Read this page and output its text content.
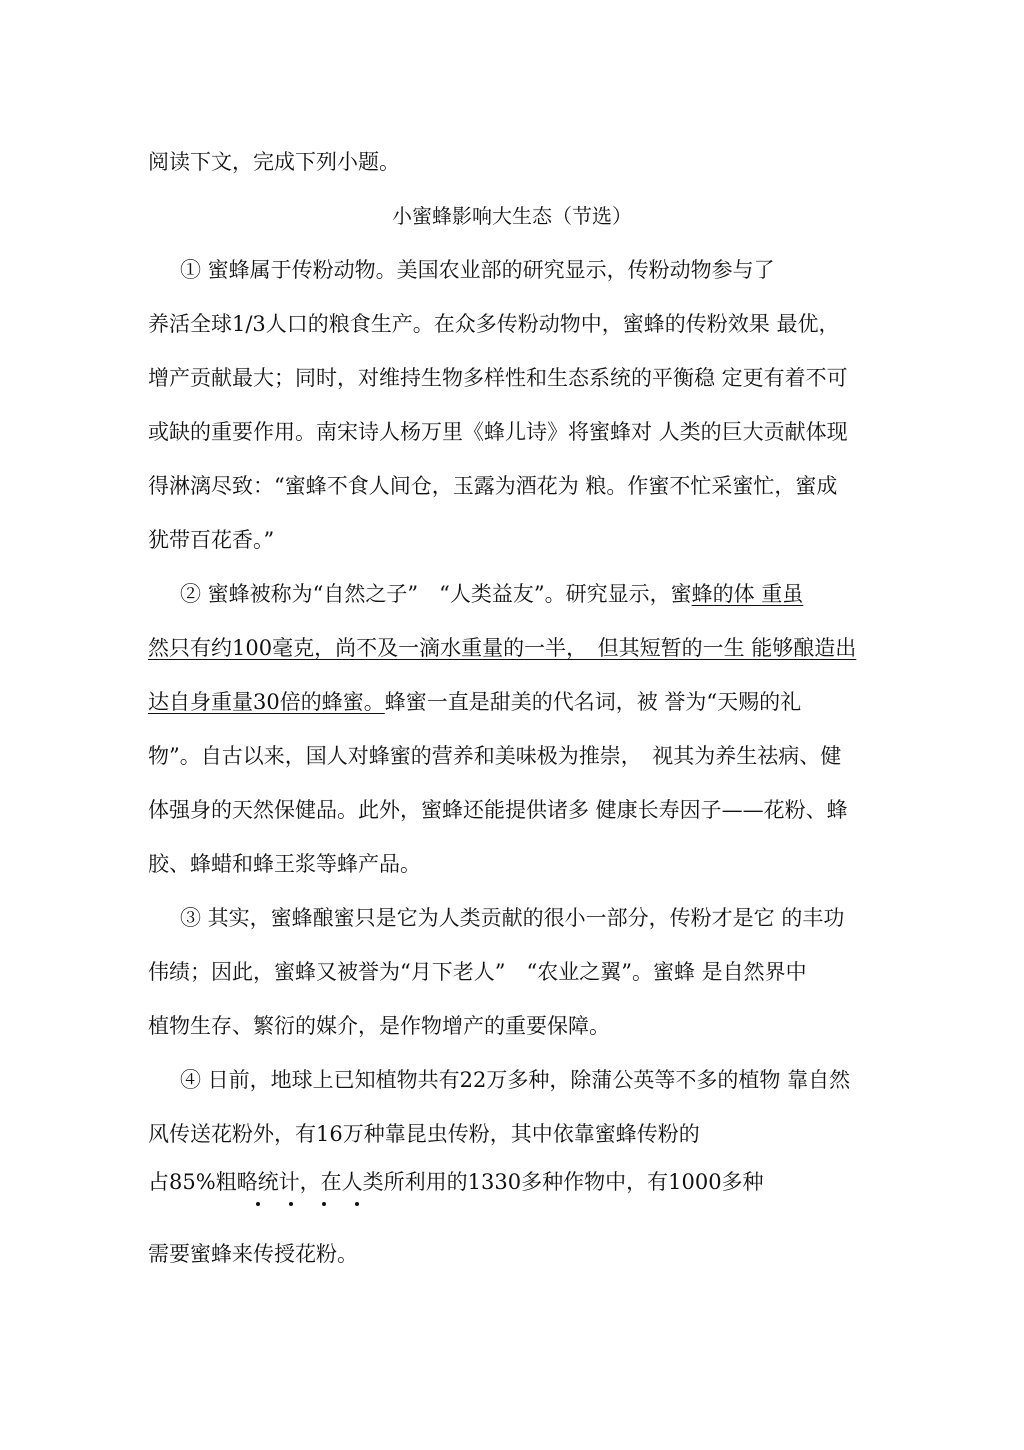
阅读下文，完成下列小题。
小蜜蜂影响大生态（节选）
① 蜜蜂属于传粉动物。美国农业部的研究显示，传粉动物参与了
养活全球1/3人口的粮食生产。在众多传粉动物中，蜜蜂的传粉效果 最优，
增产贡献最大；同时，对维持生物多样性和生态系统的平衡稳 定更有着不可
或缺的重要作用。南宋诗人杨万里《蜂儿诗》将蜜蜂对 人类的巨大贡献体现
得淋漓尽致：“蜜蜂不食人间仓，玉露为酒花为 粮。作蜜不忙采蜜忙，蜜成
犹带百花香。”
② 蜜蜂被称为“自然之子”　“人类益友”。研究显示，蜜蜂的体 重虽
然只有约100毫克，尚不及一滴水重量的一半，　但其短暂的一生 能够酿造出
达自身重量30倍的蜂蜜。蜂蜜一直是甜美的代名词，被 誉为“天赐的礼
物”。自古以来，国人对蜂蜜的营养和美味极为推崇，　视其为养生祛病、健
体强身的天然保健品。此外，蜜蜂还能提供诸多 健康长寿因子——花粉、蜂
胶、蜂蜡和蜂王浆等蜂产品。
③ 其实，蜜蜂酿蜜只是它为人类贡献的很小一部分，传粉才是它 的丰功
伟绩；因此，蜜蜂又被誉为“月下老人”　“农业之翼”。蜜蜂 是自然界中
植物生存、繁衍的媒介，是作物增产的重要保障。
④ 日前，地球上已知植物共有22万多种，除蒲公英等不多的植物 靠自然
风传送花粉外，有16万种靠昆虫传粉，其中依靠蜜蜂传粉的
占85%粗略统计，在人类所利用的1330多种作物中，有1000多种
需要蜜蜂来传授花粉。
